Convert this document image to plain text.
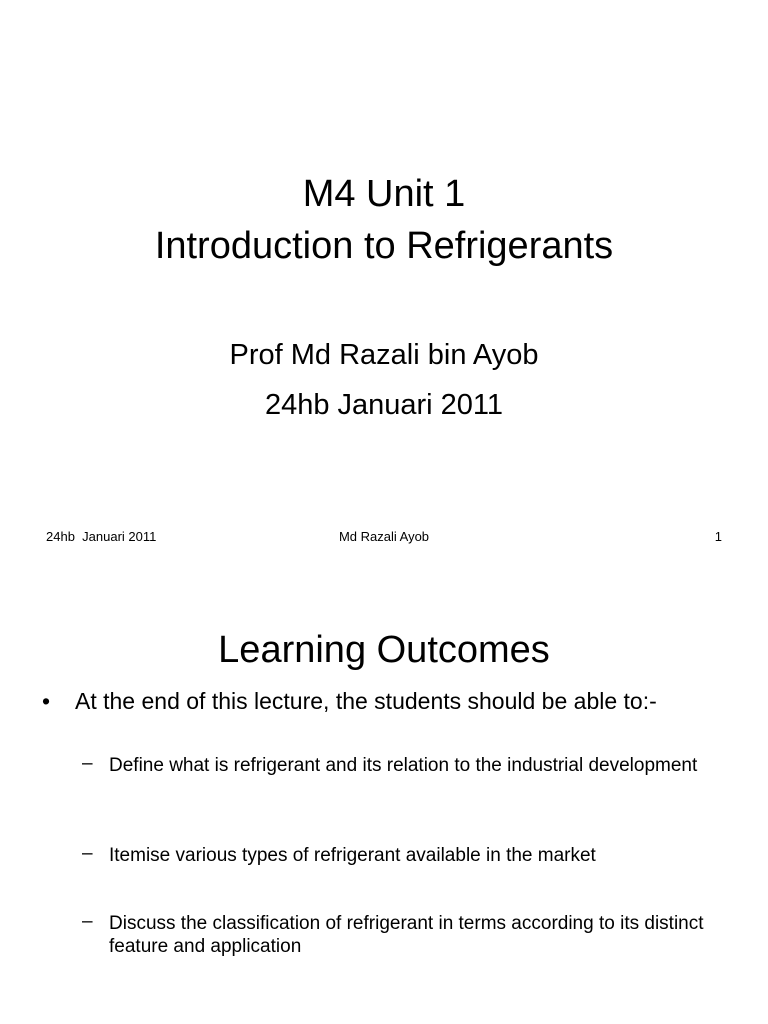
M4 Unit 1
Introduction to Refrigerants
Prof Md Razali bin Ayob
24hb Januari 2011
24hb  Januari 2011	Md Razali Ayob	1
Learning Outcomes
•	At the end of this lecture, the students should be able to:-
– Define what is refrigerant and its relation to the industrial development
– Itemise various types of refrigerant available in the market
– Discuss the classification of refrigerant in terms according to its distinct feature and application
